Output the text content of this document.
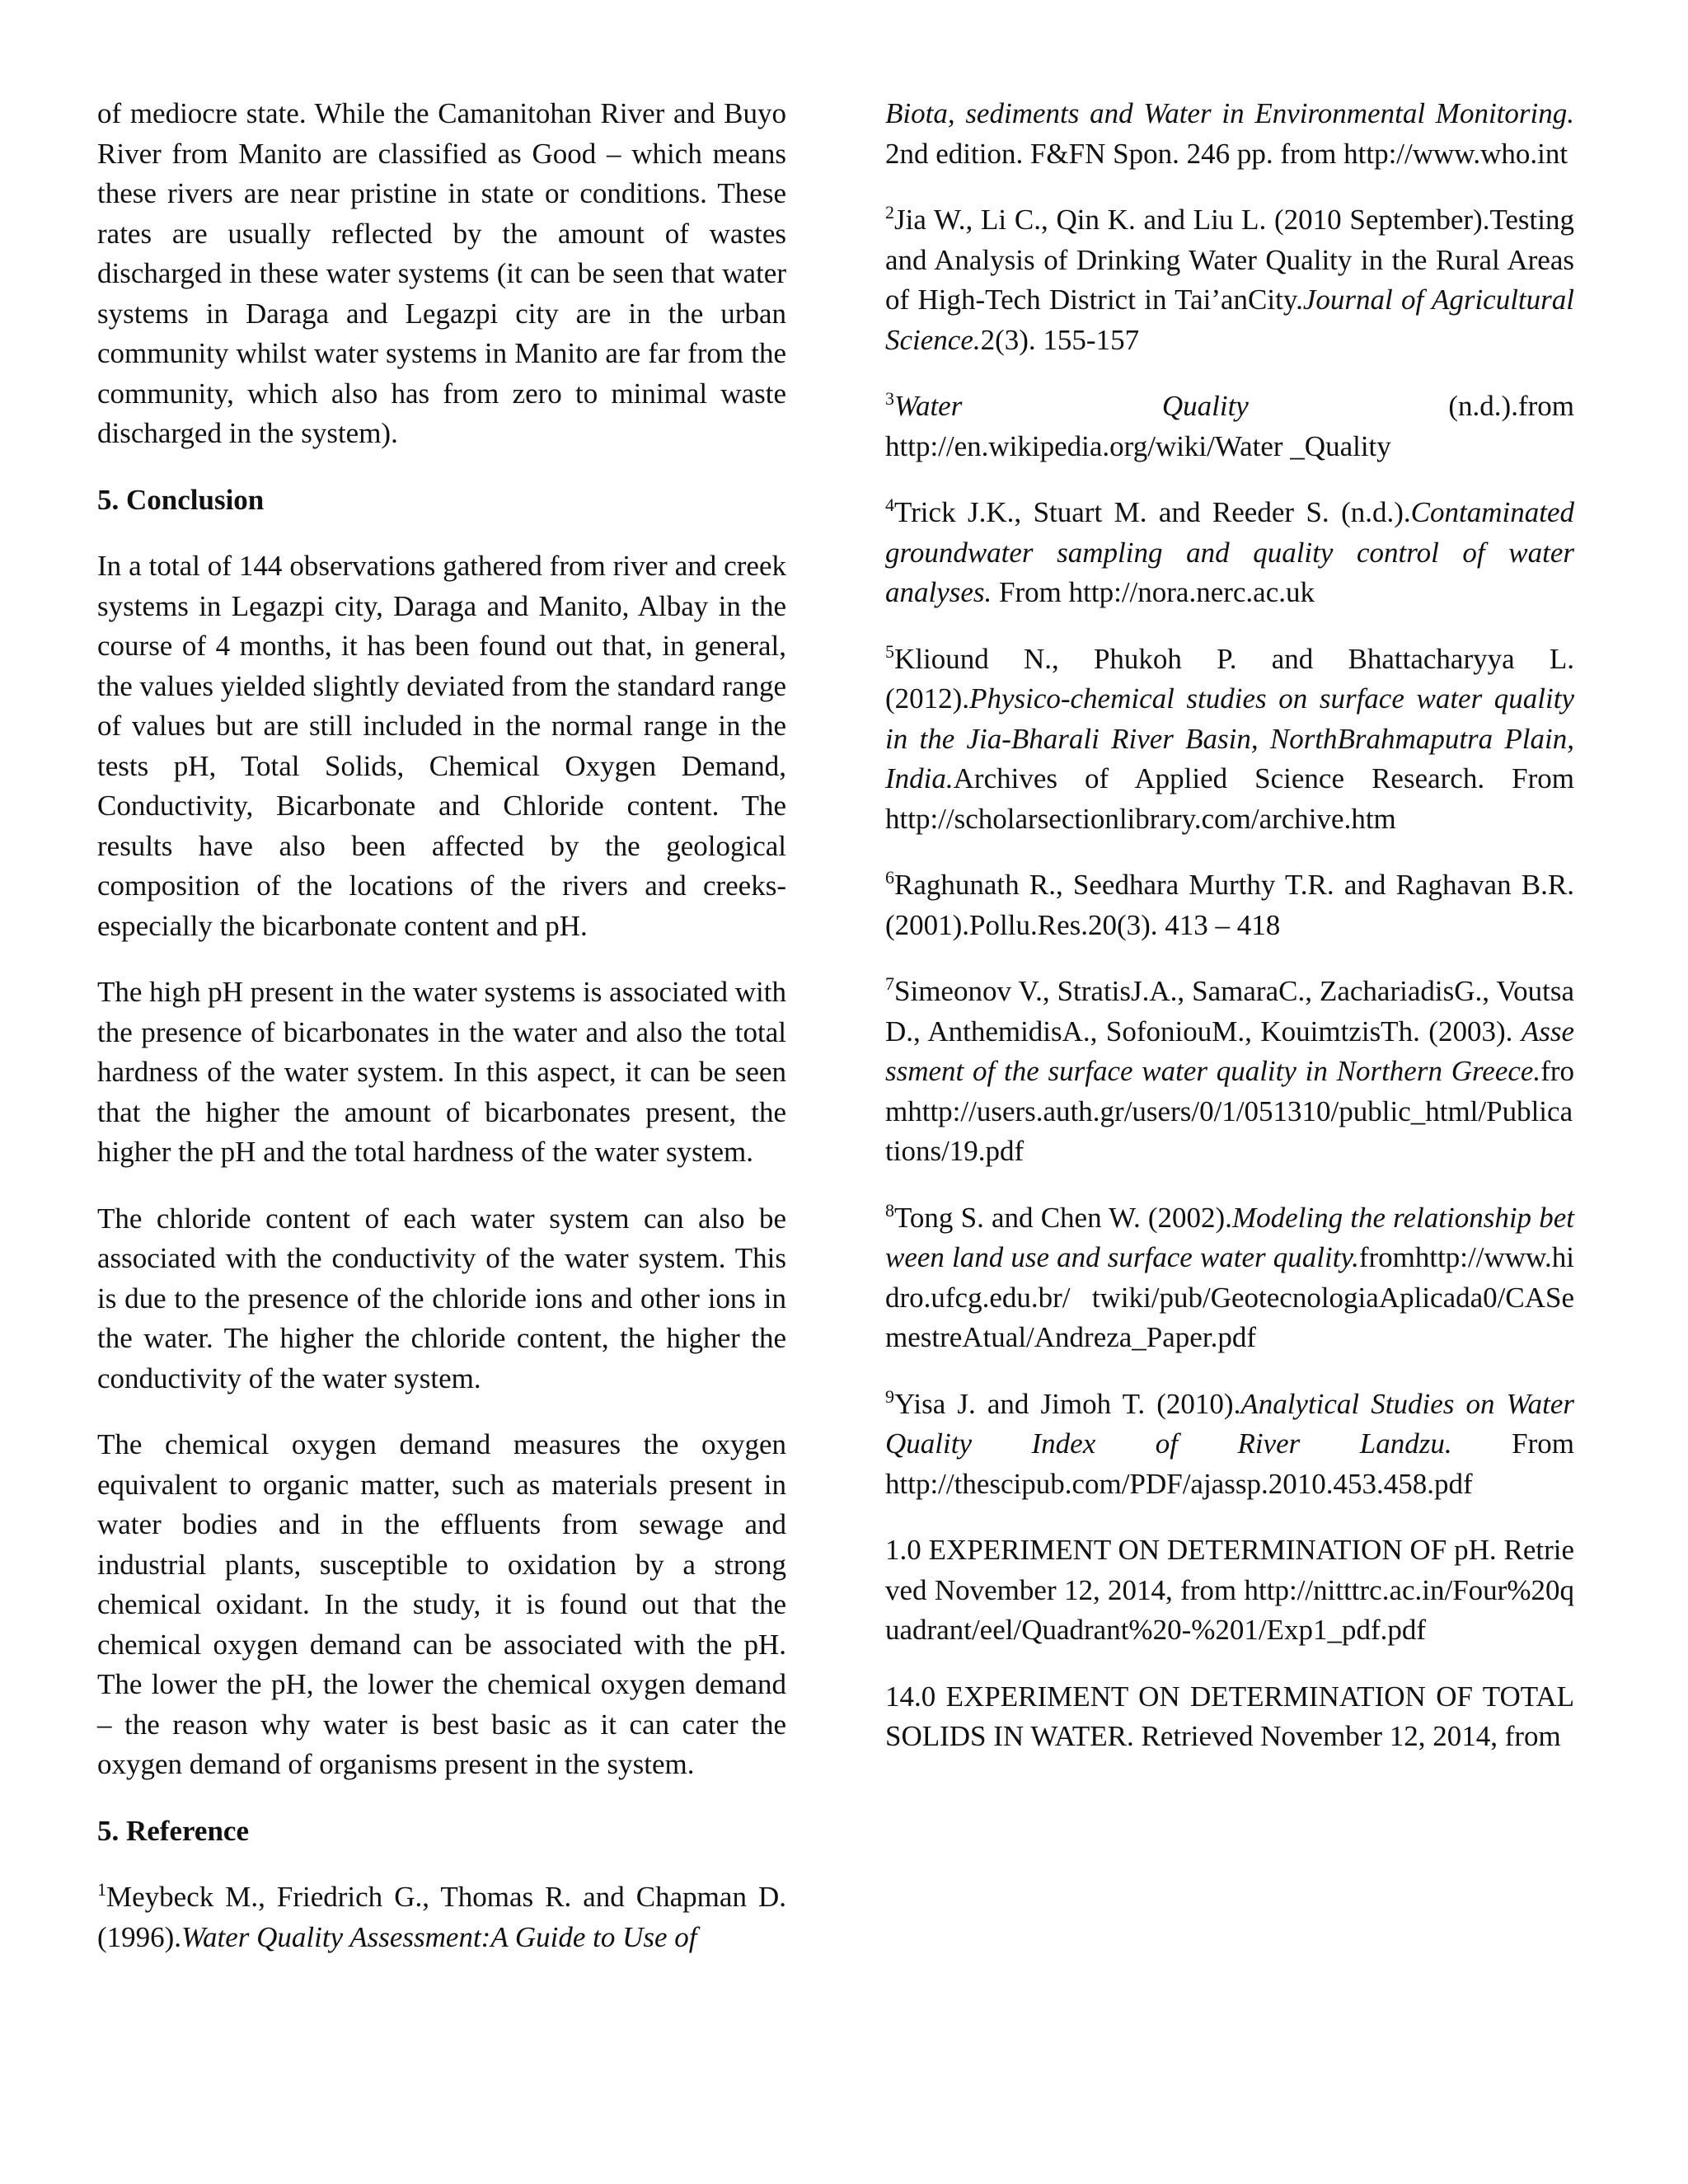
of mediocre state. While the Camanitohan River and Buyo River from Manito are classified as Good – which means these rivers are near pristine in state or conditions. These rates are usually reflected by the amount of wastes discharged in these water systems (it can be seen that water systems in Daraga and Legazpi city are in the urban community whilst water systems in Manito are far from the community, which also has from zero to minimal waste discharged in the system).

5. Conclusion

In a total of 144 observations gathered from river and creek systems in Legazpi city, Daraga and Manito, Albay in the course of 4 months, it has been found out that, in general, the values yielded slightly deviated from the standard range of values but are still included in the normal range in the tests pH, Total Solids, Chemical Oxygen Demand, Conductivity, Bicarbonate and Chloride content. The results have also been affected by the geological composition of the locations of the rivers and creeks- especially the bicarbonate content and pH.

The high pH present in the water systems is associated with the presence of bicarbonates in the water and also the total hardness of the water system. In this aspect, it can be seen that the higher the amount of bicarbonates present, the higher the pH and the total hardness of the water system.

The chloride content of each water system can also be associated with the conductivity of the water system. This is due to the presence of the chloride ions and other ions in the water. The higher the chloride content, the higher the conductivity of the water system.

The chemical oxygen demand measures the oxygen equivalent to organic matter, such as materials present in water bodies and in the effluents from sewage and industrial plants, susceptible to oxidation by a strong chemical oxidant. In the study, it is found out that the chemical oxygen demand can be associated with the pH. The lower the pH, the lower the chemical oxygen demand – the reason why water is best basic as it can cater the oxygen demand of organisms present in the system.

5. Reference

$^1$Meybeck M., Friedrich G., Thomas R. and Chapman D. (1996).Water Quality Assessment:A Guide to Use of

Biota, sediments and Water in Environmental Monitoring. 2nd edition. F&FN Spon. 246 pp. from http://www.who.int

$^2$Jia W., Li C., Qin K. and Liu L. (2010 September).Testing and Analysis of Drinking Water Quality in the Rural Areas of High-Tech District in Tai’anCity.Journal of Agricultural Science.2(3). 155-157

$^3$Water Quality (n.d.).from http://en.wikipedia.org/wiki/Water _Quality

$^4$Trick J.K., Stuart M. and Reeder S. (n.d.).Contaminated groundwater sampling and quality control of water analyses. From http://nora.nerc.ac.uk

$^5$Kliound N., Phukoh P. and Bhattacharyya L. (2012).Physico-chemical studies on surface water quality in the Jia-Bharali River Basin, NorthBrahmaputra Plain, India.Archives of Applied Science Research. From http://scholarsectionlibrary.com/archive.htm

$^6$Raghunath R., Seedhara Murthy T.R. and Raghavan B.R. (2001).Pollu.Res.20(3). 413 – 418

$^7$Simeonov V., StratisJ.A., SamaraC., ZachariadisG., VoutsaD., AnthemidisA., SofoniouM., KouimtzisTh. (2003). Assessment of the surface water quality in Northern Greece.fromhttp://users.auth.gr/users/0/1/051310/public_html/Publications/19.pdf

$^8$Tong S. and Chen W. (2002).Modeling the relationship between land use and surface water quality.fromhttp://www.hidro.ufcg.edu.br/ twiki/pub/GeotecnologiaAplicada0/CASemestreAtual/Andreza_Paper.pdf

$^9$Yisa J. and Jimoh T. (2010).Analytical Studies on Water Quality Index of River Landzu. From http://thescipub.com/PDF/ajassp.2010.453.458.pdf

1.0 EXPERIMENT ON DETERMINATION OF pH. Retrieved November 12, 2014, from http://nitttrc.ac.in/Four%20quadrant/eel/Quadrant%20-%201/Exp1_pdf.pdf

14.0 EXPERIMENT ON DETERMINATION OF TOTAL SOLIDS IN WATER. Retrieved November 12, 2014, from
